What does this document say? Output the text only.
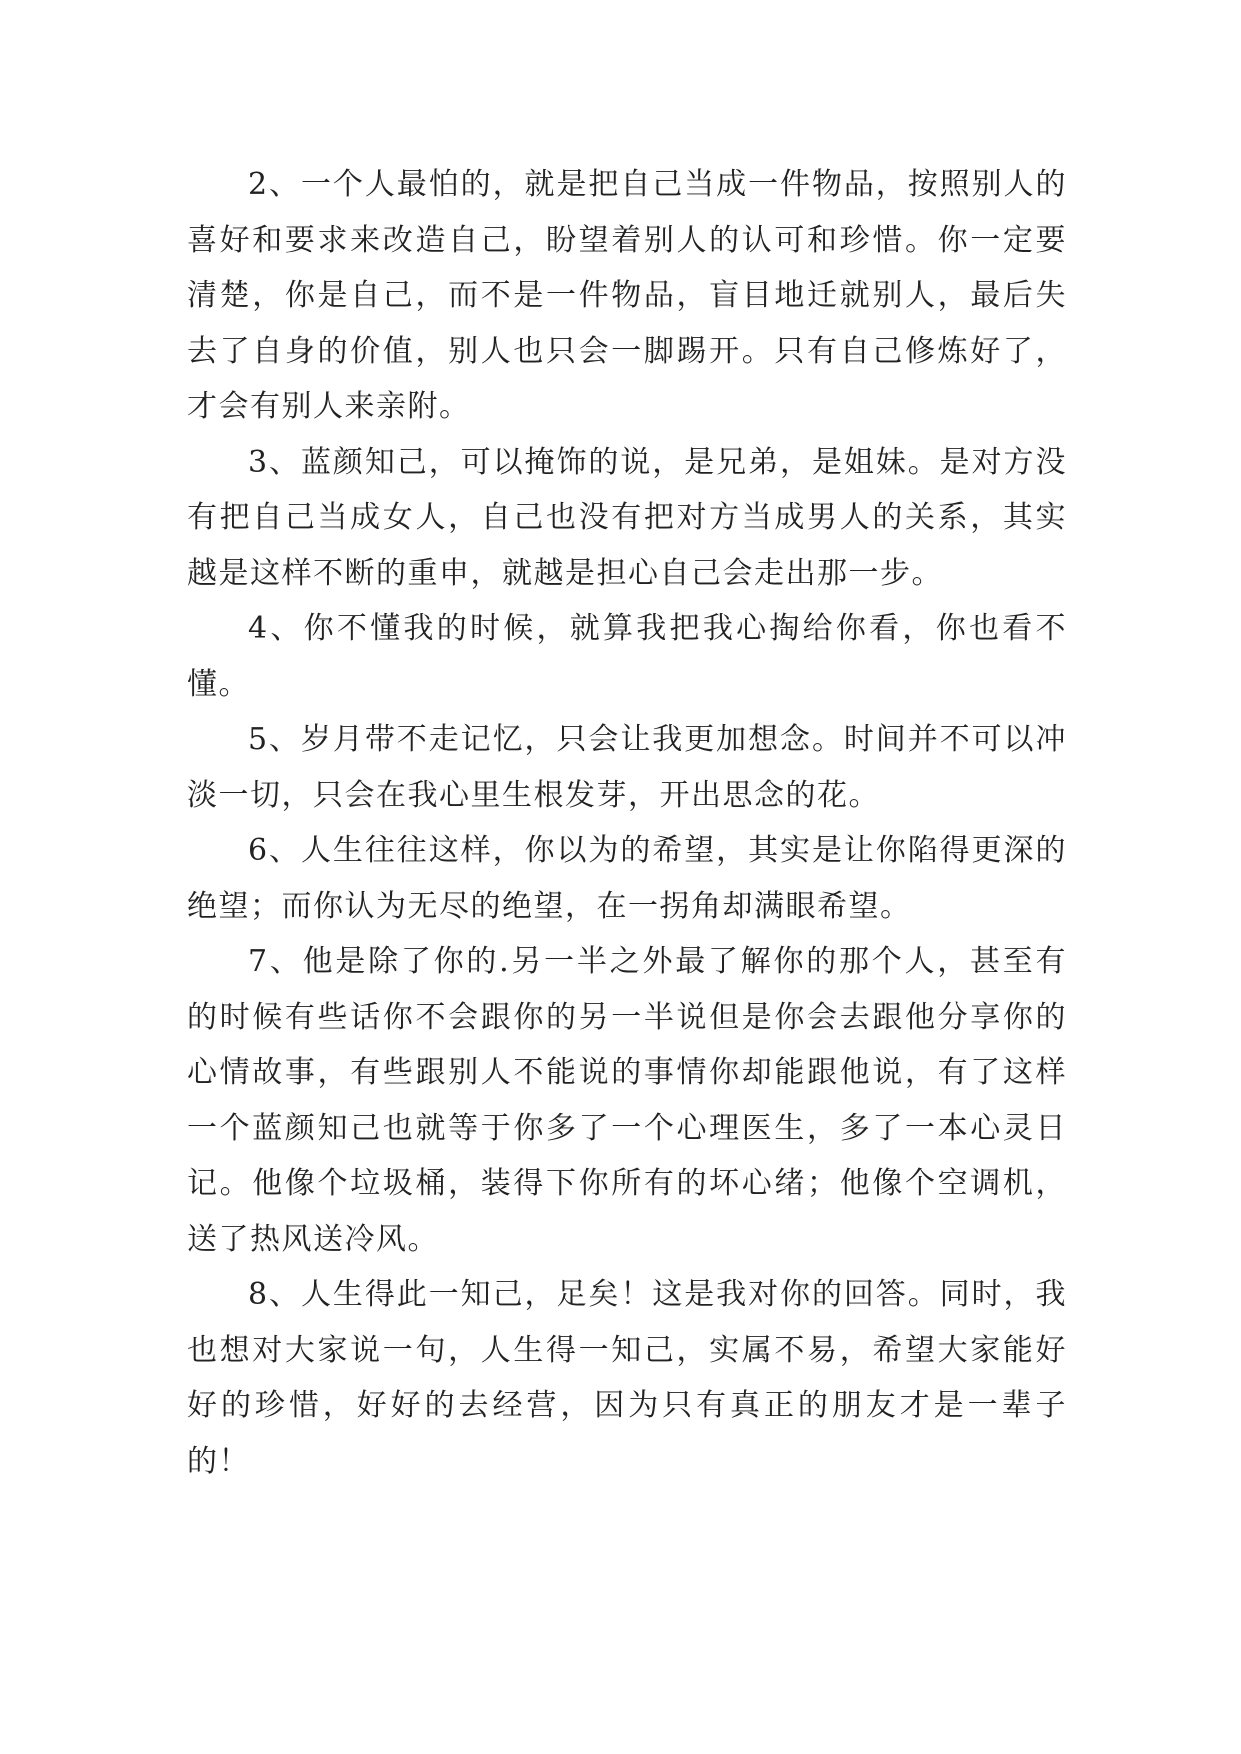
2、一个人最怕的，就是把自己当成一件物品，按照别人的喜好和要求来改造自己，盼望着别人的认可和珍惜。你一定要清楚，你是自己，而不是一件物品，盲目地迁就别人，最后失去了自身的价值，别人也只会一脚踢开。只有自己修炼好了，才会有别人来亲附。

3、蓝颜知己，可以掩饰的说，是兄弟，是姐妹。是对方没有把自己当成女人，自己也没有把对方当成男人的关系，其实越是这样不断的重申，就越是担心自己会走出那一步。

4、你不懂我的时候，就算我把我心掏给你看，你也看不懂。

5、岁月带不走记忆，只会让我更加想念。时间并不可以冲淡一切，只会在我心里生根发芽，开出思念的花。

6、人生往往这样，你以为的希望，其实是让你陷得更深的绝望；而你认为无尽的绝望，在一拐角却满眼希望。

7、他是除了你的.另一半之外最了解你的那个人，甚至有的时候有些话你不会跟你的另一半说但是你会去跟他分享你的心情故事，有些跟别人不能说的事情你却能跟他说，有了这样一个蓝颜知己也就等于你多了一个心理医生，多了一本心灵日记。他像个垃圾桶，装得下你所有的坏心绪；他像个空调机，送了热风送冷风。

8、人生得此一知己，足矣！这是我对你的回答。同时，我也想对大家说一句，人生得一知己，实属不易，希望大家能好好的珍惜，好好的去经营，因为只有真正的朋友才是一辈子的！
